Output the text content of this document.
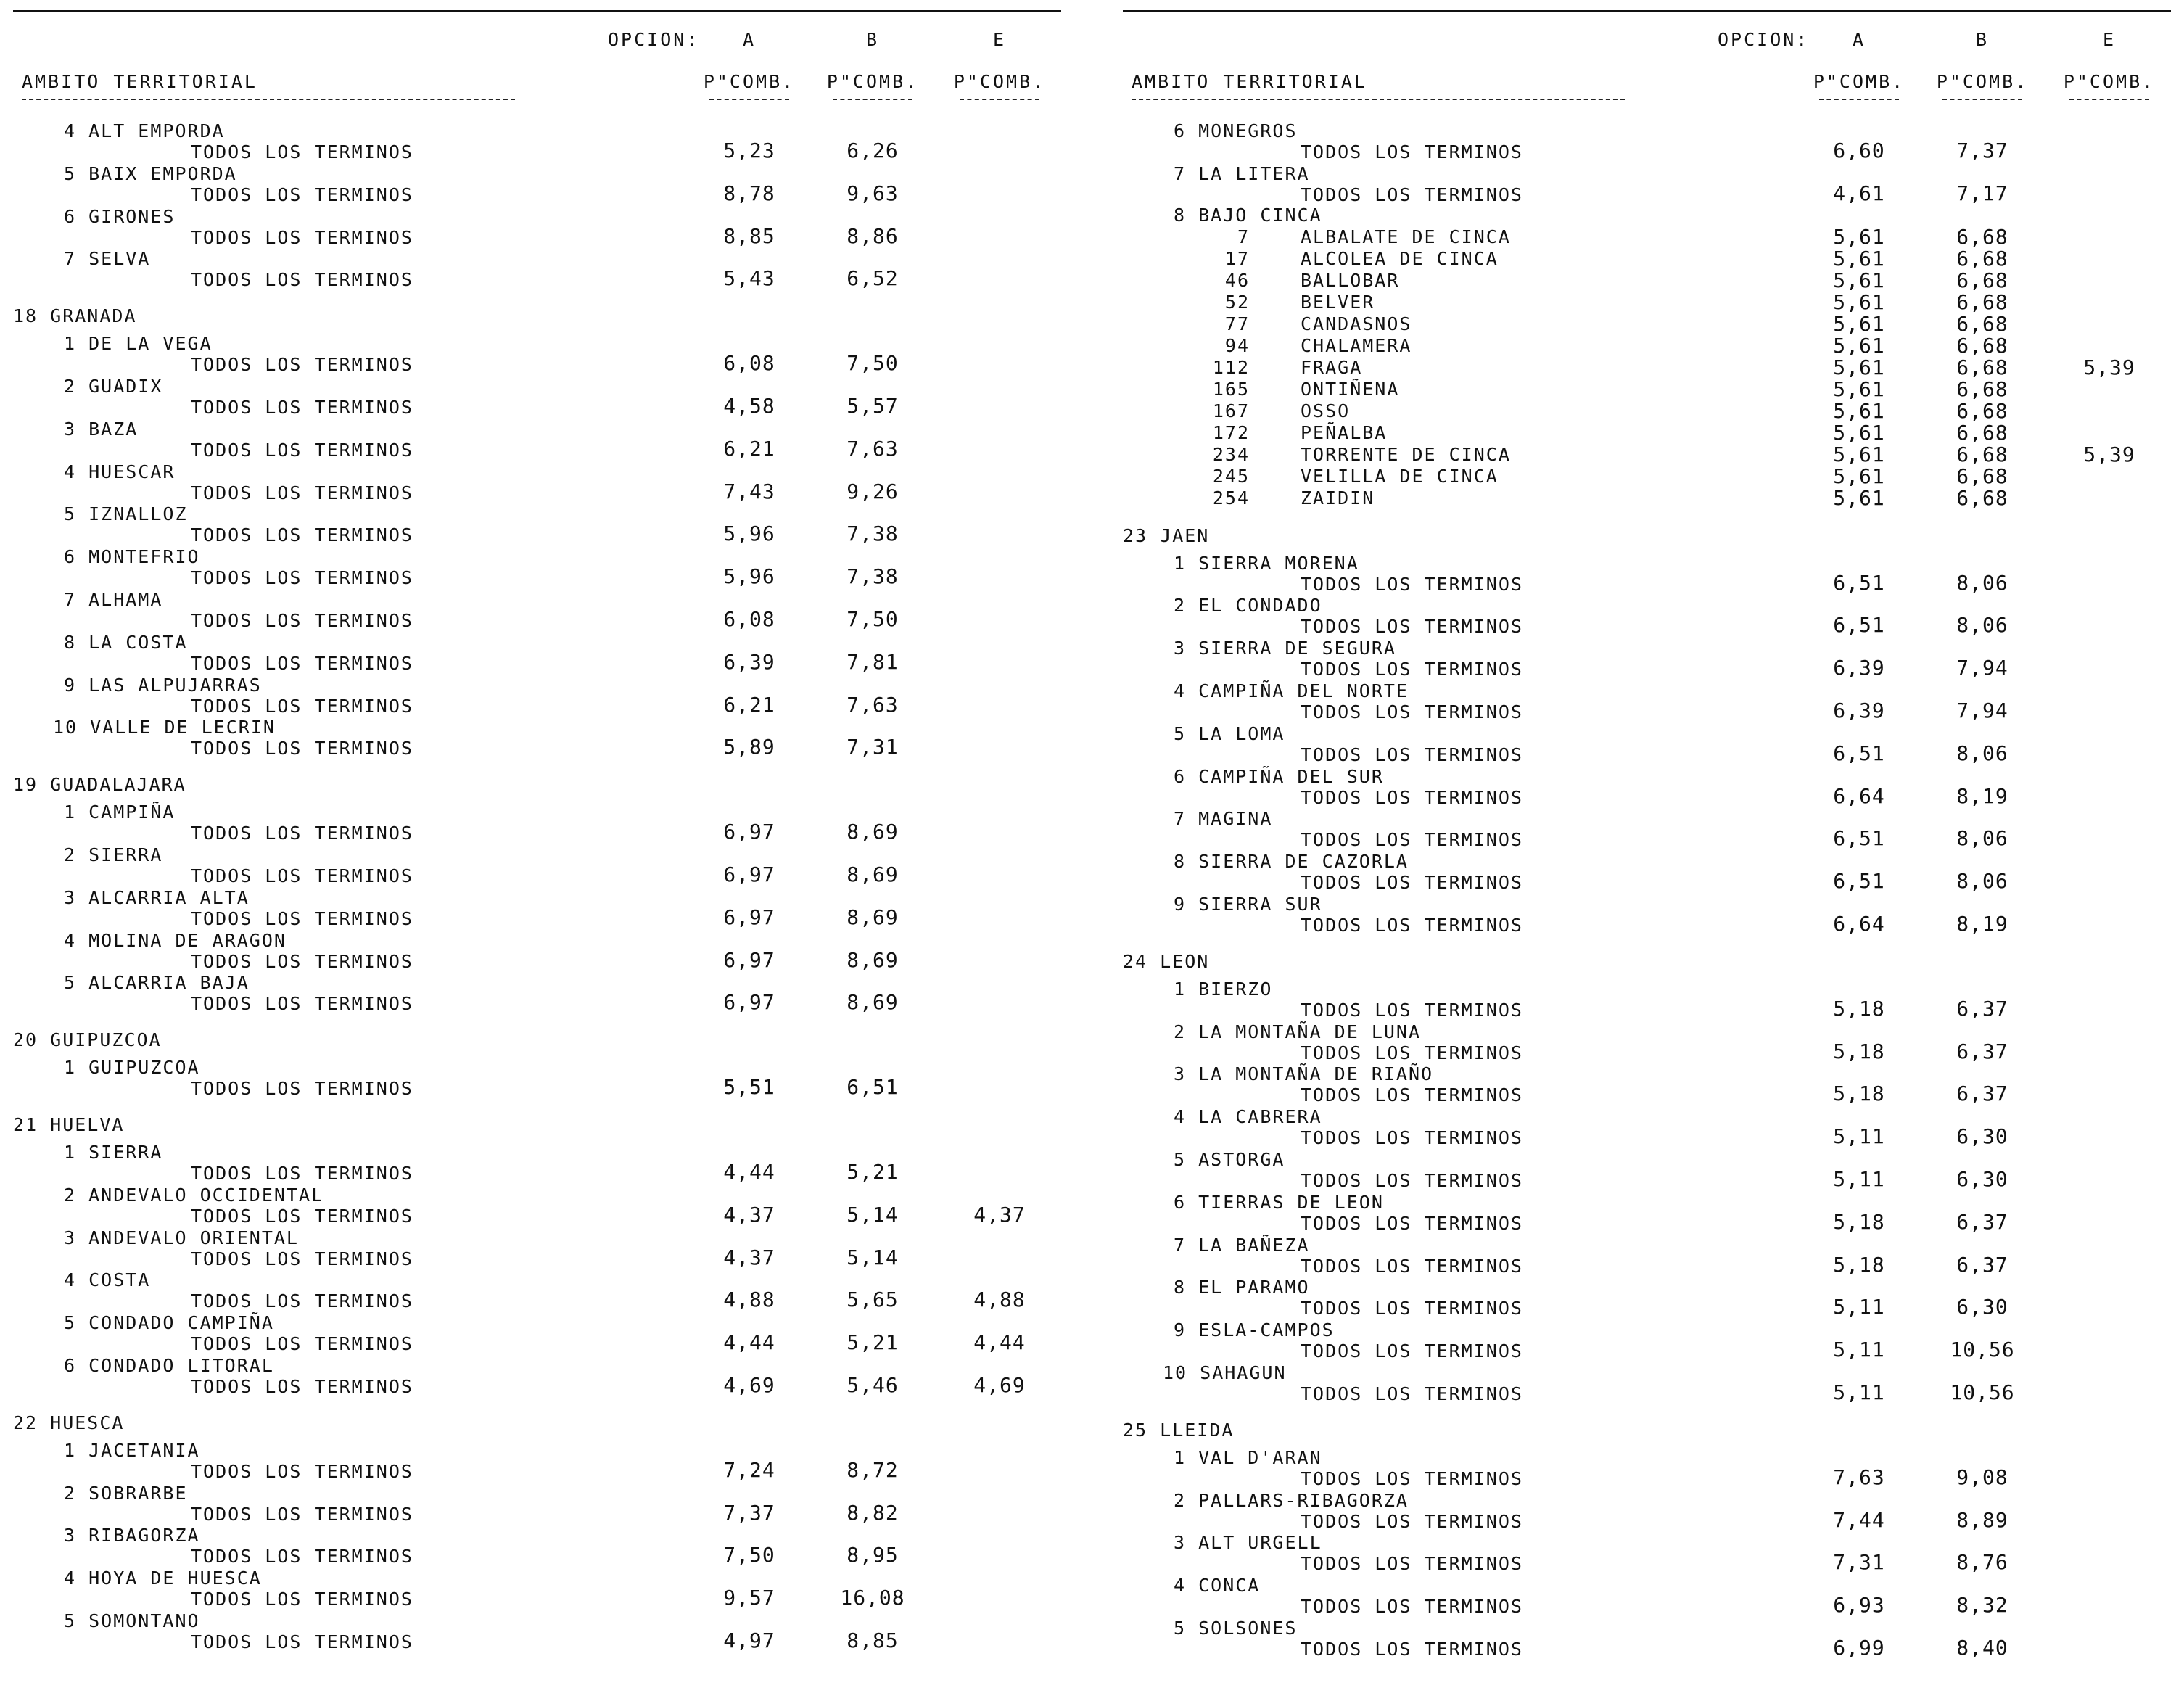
OPCION:	A	B	E
AMBITO TERRITORIAL	P"COMB.	P"COMB.	P"COMB.
4 ALT EMPORDA
TODOS LOS TERMINOS	5,23	6,26
5 BAIX EMPORDA
TODOS LOS TERMINOS	8,78	9,63
6 GIRONES
TODOS LOS TERMINOS	8,85	8,86
7 SELVA
TODOS LOS TERMINOS	5,43	6,52
18 GRANADA
1 DE LA VEGA
TODOS LOS TERMINOS	6,08	7,50
2 GUADIX
TODOS LOS TERMINOS	4,58	5,57
3 BAZA
TODOS LOS TERMINOS	6,21	7,63
4 HUESCAR
TODOS LOS TERMINOS	7,43	9,26
5 IZNALLOZ
TODOS LOS TERMINOS	5,96	7,38
6 MONTEFRIO
TODOS LOS TERMINOS	5,96	7,38
7 ALHAMA
TODOS LOS TERMINOS	6,08	7,50
8 LA COSTA
TODOS LOS TERMINOS	6,39	7,81
9 LAS ALPUJARRAS
TODOS LOS TERMINOS	6,21	7,63
10 VALLE DE LECRIN
TODOS LOS TERMINOS	5,89	7,31
19 GUADALAJARA
1 CAMPIÑA
TODOS LOS TERMINOS	6,97	8,69
2 SIERRA
TODOS LOS TERMINOS	6,97	8,69
3 ALCARRIA ALTA
TODOS LOS TERMINOS	6,97	8,69
4 MOLINA DE ARAGON
TODOS LOS TERMINOS	6,97	8,69
5 ALCARRIA BAJA
TODOS LOS TERMINOS	6,97	8,69
20 GUIPUZCOA
1 GUIPUZCOA
TODOS LOS TERMINOS	5,51	6,51
21 HUELVA
1 SIERRA
TODOS LOS TERMINOS	4,44	5,21
2 ANDEVALO OCCIDENTAL
TODOS LOS TERMINOS	4,37	5,14	4,37
3 ANDEVALO ORIENTAL
TODOS LOS TERMINOS	4,37	5,14
4 COSTA
TODOS LOS TERMINOS	4,88	5,65	4,88
5 CONDADO CAMPIÑA
TODOS LOS TERMINOS	4,44	5,21	4,44
6 CONDADO LITORAL
TODOS LOS TERMINOS	4,69	5,46	4,69
22 HUESCA
1 JACETANIA
TODOS LOS TERMINOS	7,24	8,72
2 SOBRARBE
TODOS LOS TERMINOS	7,37	8,82
3 RIBAGORZA
TODOS LOS TERMINOS	7,50	8,95
4 HOYA DE HUESCA
TODOS LOS TERMINOS	9,57	16,08
5 SOMONTANO
TODOS LOS TERMINOS	4,97	8,85
OPCION:	A	B	E
AMBITO TERRITORIAL	P"COMB.	P"COMB.	P"COMB.
6 MONEGROS
TODOS LOS TERMINOS	6,60	7,37
7 LA LITERA
TODOS LOS TERMINOS	4,61	7,17
8 BAJO CINCA
7	ALBALATE DE CINCA	5,61	6,68
17	ALCOLEA DE CINCA	5,61	6,68
46	BALLOBAR	5,61	6,68
52	BELVER	5,61	6,68
77	CANDASNOS	5,61	6,68
94	CHALAMERA	5,61	6,68
112	FRAGA	5,61	6,68	5,39
165	ONTIÑENA	5,61	6,68
167	OSSO	5,61	6,68
172	PEÑALBA	5,61	6,68
234	TORRENTE DE CINCA	5,61	6,68	5,39
245	VELILLA DE CINCA	5,61	6,68
254	ZAIDIN	5,61	6,68
23 JAEN
1 SIERRA MORENA
TODOS LOS TERMINOS	6,51	8,06
2 EL CONDADO
TODOS LOS TERMINOS	6,51	8,06
3 SIERRA DE SEGURA
TODOS LOS TERMINOS	6,39	7,94
4 CAMPIÑA DEL NORTE
TODOS LOS TERMINOS	6,39	7,94
5 LA LOMA
TODOS LOS TERMINOS	6,51	8,06
6 CAMPIÑA DEL SUR
TODOS LOS TERMINOS	6,64	8,19
7 MAGINA
TODOS LOS TERMINOS	6,51	8,06
8 SIERRA DE CAZORLA
TODOS LOS TERMINOS	6,51	8,06
9 SIERRA SUR
TODOS LOS TERMINOS	6,64	8,19
24 LEON
1 BIERZO
TODOS LOS TERMINOS	5,18	6,37
2 LA MONTAÑA DE LUNA
TODOS LOS TERMINOS	5,18	6,37
3 LA MONTAÑA DE RIAÑO
TODOS LOS TERMINOS	5,18	6,37
4 LA CABRERA
TODOS LOS TERMINOS	5,11	6,30
5 ASTORGA
TODOS LOS TERMINOS	5,11	6,30
6 TIERRAS DE LEON
TODOS LOS TERMINOS	5,18	6,37
7 LA BAÑEZA
TODOS LOS TERMINOS	5,18	6,37
8 EL PARAMO
TODOS LOS TERMINOS	5,11	6,30
9 ESLA-CAMPOS
TODOS LOS TERMINOS	5,11	10,56
10 SAHAGUN
TODOS LOS TERMINOS	5,11	10,56
25 LLEIDA
1 VAL D'ARAN
TODOS LOS TERMINOS	7,63	9,08
2 PALLARS-RIBAGORZA
TODOS LOS TERMINOS	7,44	8,89
3 ALT URGELL
TODOS LOS TERMINOS	7,31	8,76
4 CONCA
TODOS LOS TERMINOS	6,93	8,32
5 SOLSONES
TODOS LOS TERMINOS	6,99	8,40
